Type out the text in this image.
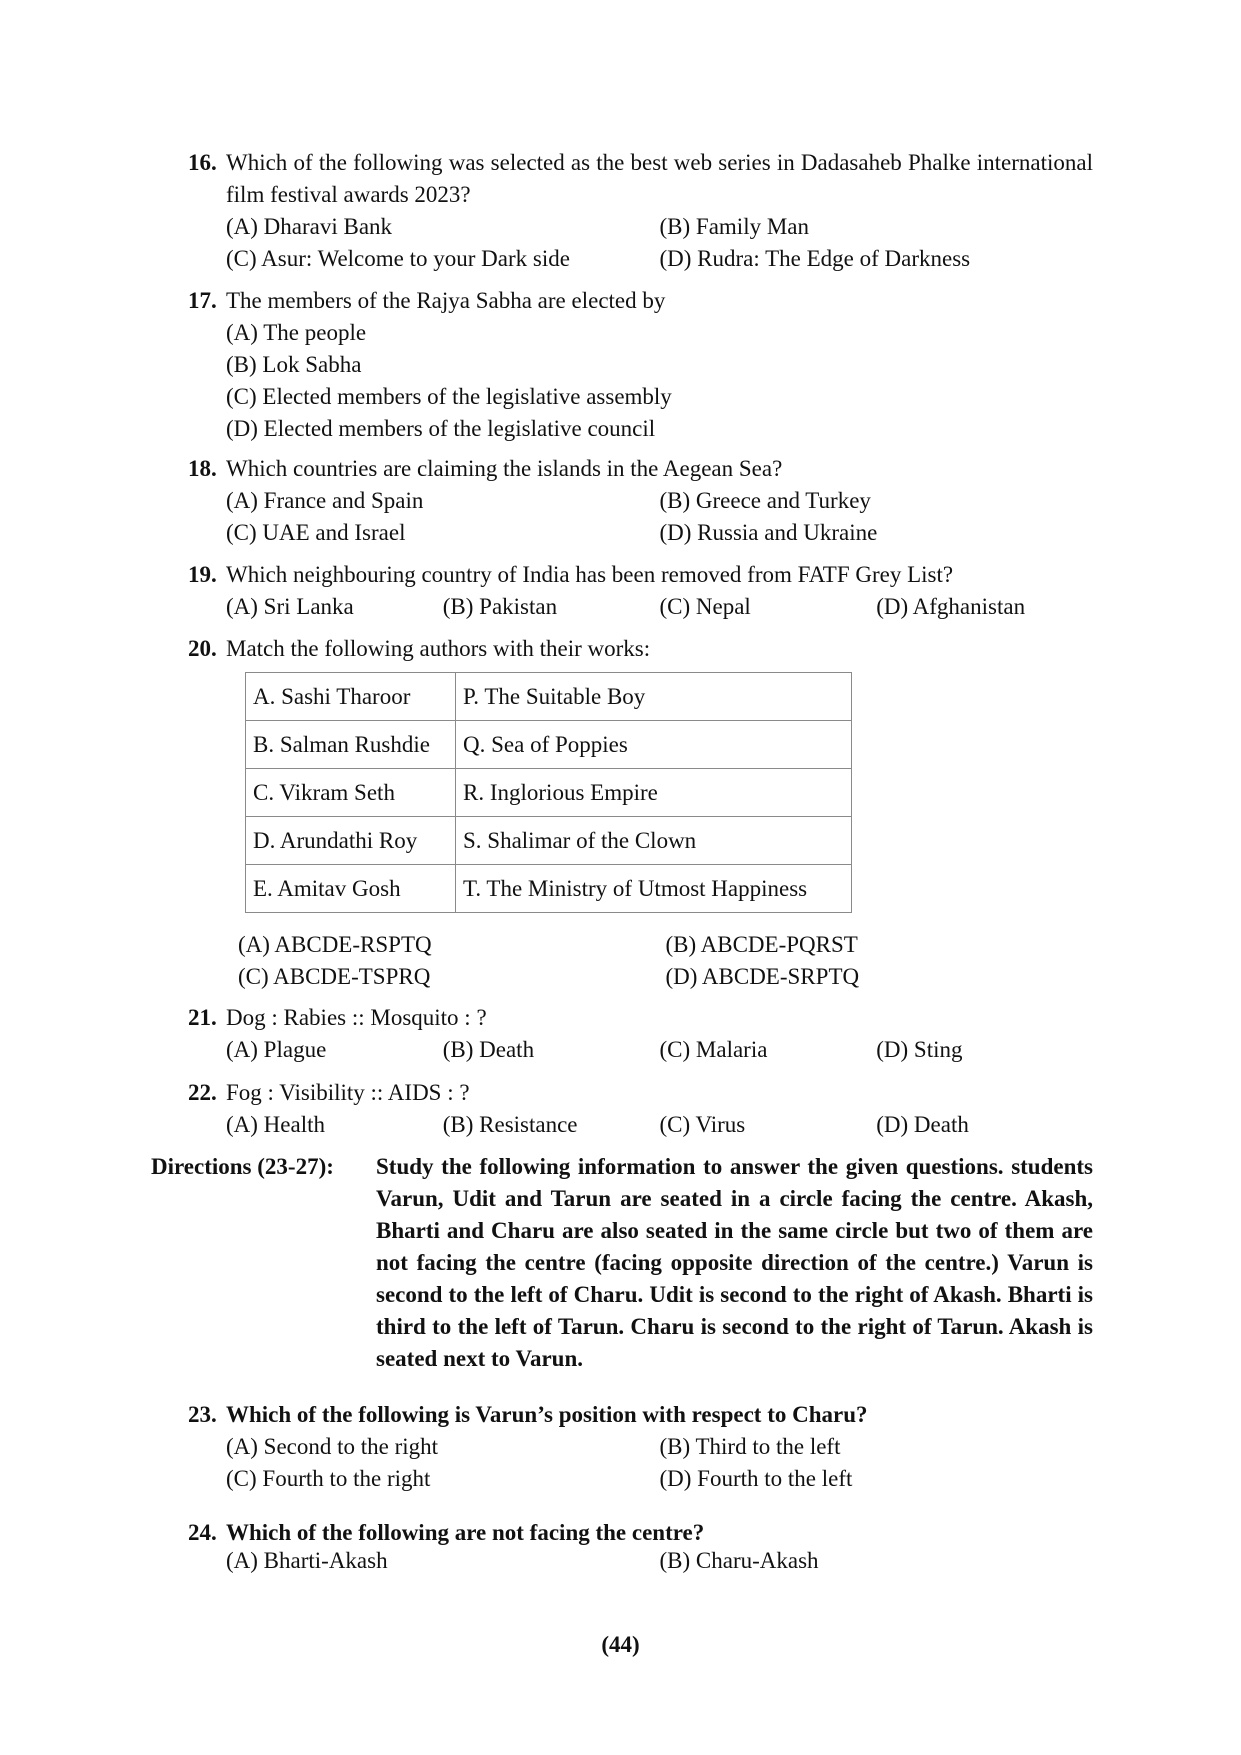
16. Which of the following was selected as the best web series in Dadasaheb Phalke international film festival awards 2023?
(A) Dharavi Bank	(B) Family Man
(C) Asur: Welcome to your Dark side	(D) Rudra: The Edge of Darkness
17. The members of the Rajya Sabha are elected by
(A) The people
(B) Lok Sabha
(C) Elected members of the legislative assembly
(D) Elected members of the legislative council
18. Which countries are claiming the islands in the Aegean Sea?
(A) France and Spain	(B) Greece and Turkey
(C) UAE and Israel	(D) Russia and Ukraine
19. Which neighbouring country of India has been removed from FATF Grey List?
(A) Sri Lanka	(B) Pakistan	(C) Nepal	(D) Afghanistan
20. Match the following authors with their works:
A. Sashi Tharoor	P. The Suitable Boy
B. Salman Rushdie	Q. Sea of Poppies
C. Vikram Seth	R. Inglorious Empire
D. Arundathi Roy	S. Shalimar of the Clown
E. Amitav Gosh	T. The Ministry of Utmost Happiness
(A) ABCDE-RSPTQ	(B) ABCDE-PQRST
(C) ABCDE-TSPRQ	(D) ABCDE-SRPTQ
21. Dog : Rabies :: Mosquito : ?
(A) Plague	(B) Death	(C) Malaria	(D) Sting
22. Fog : Visibility :: AIDS : ?
(A) Health	(B) Resistance	(C) Virus	(D) Death
Directions (23-27): Study the following information to answer the given questions. students Varun, Udit and Tarun are seated in a circle facing the centre. Akash, Bharti and Charu are also seated in the same circle but two of them are not facing the centre (facing opposite direction of the centre.) Varun is second to the left of Charu. Udit is second to the right of Akash. Bharti is third to the left of Tarun. Charu is second to the right of Tarun. Akash is seated next to Varun.
23. Which of the following is Varun’s position with respect to Charu?
(A) Second to the right	(B) Third to the left
(C) Fourth to the right	(D) Fourth to the left
24. Which of the following are not facing the centre?
(A) Bharti-Akash	(B) Charu-Akash
(44)
